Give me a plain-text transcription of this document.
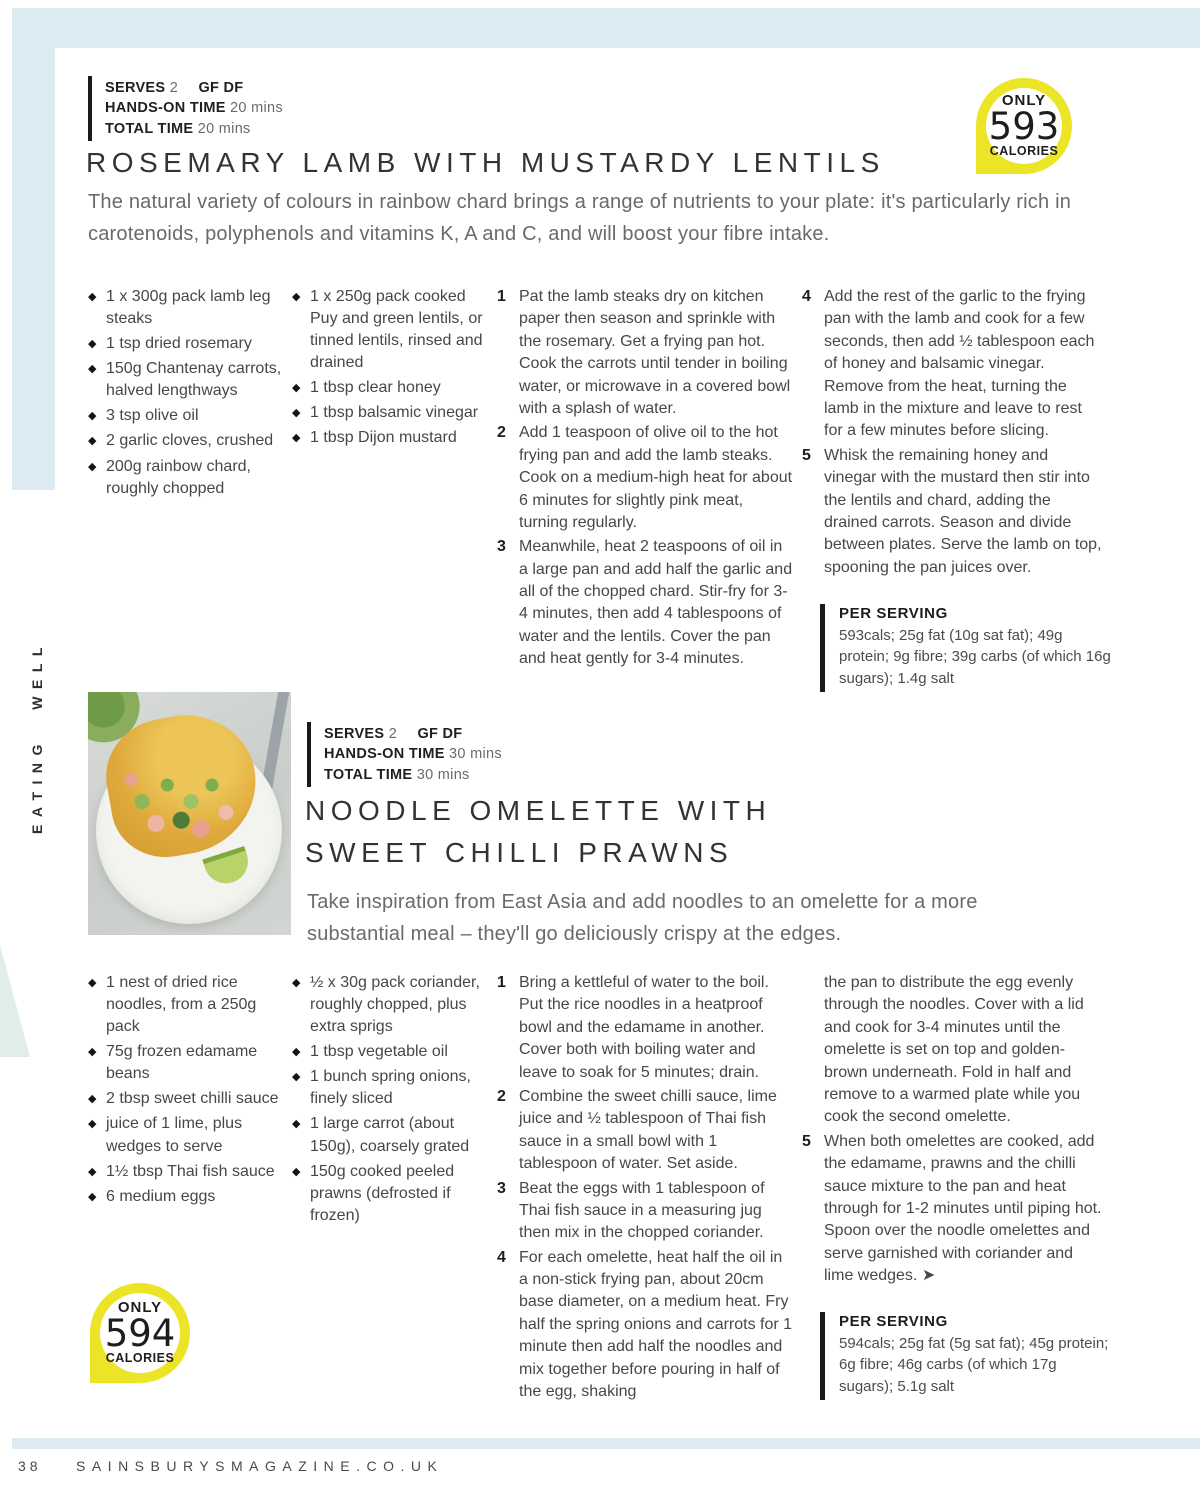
SERVES 2 GF DF
HANDS-ON TIME 20 mins
TOTAL TIME 20 mins
ONLY
593
CALORIES
ROSEMARY LAMB WITH MUSTARDY LENTILS

The natural variety of colours in rainbow chard brings a range of nutrients to your plate: it's particularly rich in carotenoids, polyphenols and vitamins K, A and C, and will boost your fibre intake.

◆ 1 x 300g pack lamb leg steaks
◆ 1 tsp dried rosemary
◆ 150g Chantenay carrots, halved lengthways
◆ 3 tsp olive oil
◆ 2 garlic cloves, crushed
◆ 200g rainbow chard, roughly chopped
◆ 1 x 250g pack cooked Puy and green lentils, or tinned lentils, rinsed and drained
◆ 1 tbsp clear honey
◆ 1 tbsp balsamic vinegar
◆ 1 tbsp Dijon mustard
1 Pat the lamb steaks dry on kitchen paper then season and sprinkle with the rosemary. Get a frying pan hot. Cook the carrots until tender in boiling water, or microwave in a covered bowl with a splash of water.
2 Add 1 teaspoon of olive oil to the hot frying pan and add the lamb steaks. Cook on a medium-high heat for about 6 minutes for slightly pink meat, turning regularly.
3 Meanwhile, heat 2 teaspoons of oil in a large pan and add half the garlic and all of the chopped chard. Stir-fry for 3-4 minutes, then add 4 tablespoons of water and the lentils. Cover the pan and heat gently for 3-4 minutes.
4 Add the rest of the garlic to the frying pan with the lamb and cook for a few seconds, then add ½ tablespoon each of honey and balsamic vinegar. Remove from the heat, turning the lamb in the mixture and leave to rest for a few minutes before slicing.
5 Whisk the remaining honey and vinegar with the mustard then stir into the lentils and chard, adding the drained carrots. Season and divide between plates. Serve the lamb on top, spooning the pan juices over.
PER SERVING
593cals; 25g fat (10g sat fat); 49g protein; 9g fibre; 39g carbs (of which 16g sugars); 1.4g salt
EATING WELL	SERVES 2 GF DF
HANDS-ON TIME 30 mins
TOTAL TIME 30 mins
NOODLE OMELETTE WITH SWEET CHILLI PRAWNS

Take inspiration from East Asia and add noodles to an omelette for a more substantial meal – they'll go deliciously crispy at the edges.

◆ 1 nest of dried rice noodles, from a 250g pack
◆ 75g frozen edamame beans
◆ 2 tbsp sweet chilli sauce
◆ juice of 1 lime, plus wedges to serve
◆ 1½ tbsp Thai fish sauce
◆ 6 medium eggs
◆ ½ x 30g pack coriander, roughly chopped, plus extra sprigs
◆ 1 tbsp vegetable oil
◆ 1 bunch spring onions, finely sliced
◆ 1 large carrot (about 150g), coarsely grated
◆ 150g cooked peeled prawns (defrosted if frozen)
1 Bring a kettleful of water to the boil. Put the rice noodles in a heatproof bowl and the edamame in another. Cover both with boiling water and leave to soak for 5 minutes; drain.
2 Combine the sweet chilli sauce, lime juice and ½ tablespoon of Thai fish sauce in a small bowl with 1 tablespoon of water. Set aside.
3 Beat the eggs with 1 tablespoon of Thai fish sauce in a measuring jug then mix in the chopped coriander.
4 For each omelette, heat half the oil in a non-stick frying pan, about 20cm base diameter, on a medium heat. Fry half the spring onions and carrots for 1 minute then add half the noodles and mix together before pouring in half of the egg, shaking
the pan to distribute the egg evenly through the noodles. Cover with a lid and cook for 3-4 minutes until the omelette is set on top and golden-brown underneath. Fold in half and remove to a warmed plate while you cook the second omelette.
5 When both omelettes are cooked, add the edamame, prawns and the chilli sauce mixture to the pan and heat through for 1-2 minutes until piping hot. Spoon over the noodle omelettes and serve garnished with coriander and lime wedges. ➤
ONLY
594
CALORIES
PER SERVING
594cals; 25g fat (5g sat fat); 45g protein; 6g fibre; 46g carbs (of which 17g sugars); 5.1g salt
38 SAINSBURYSMAGAZINE.CO.UK
